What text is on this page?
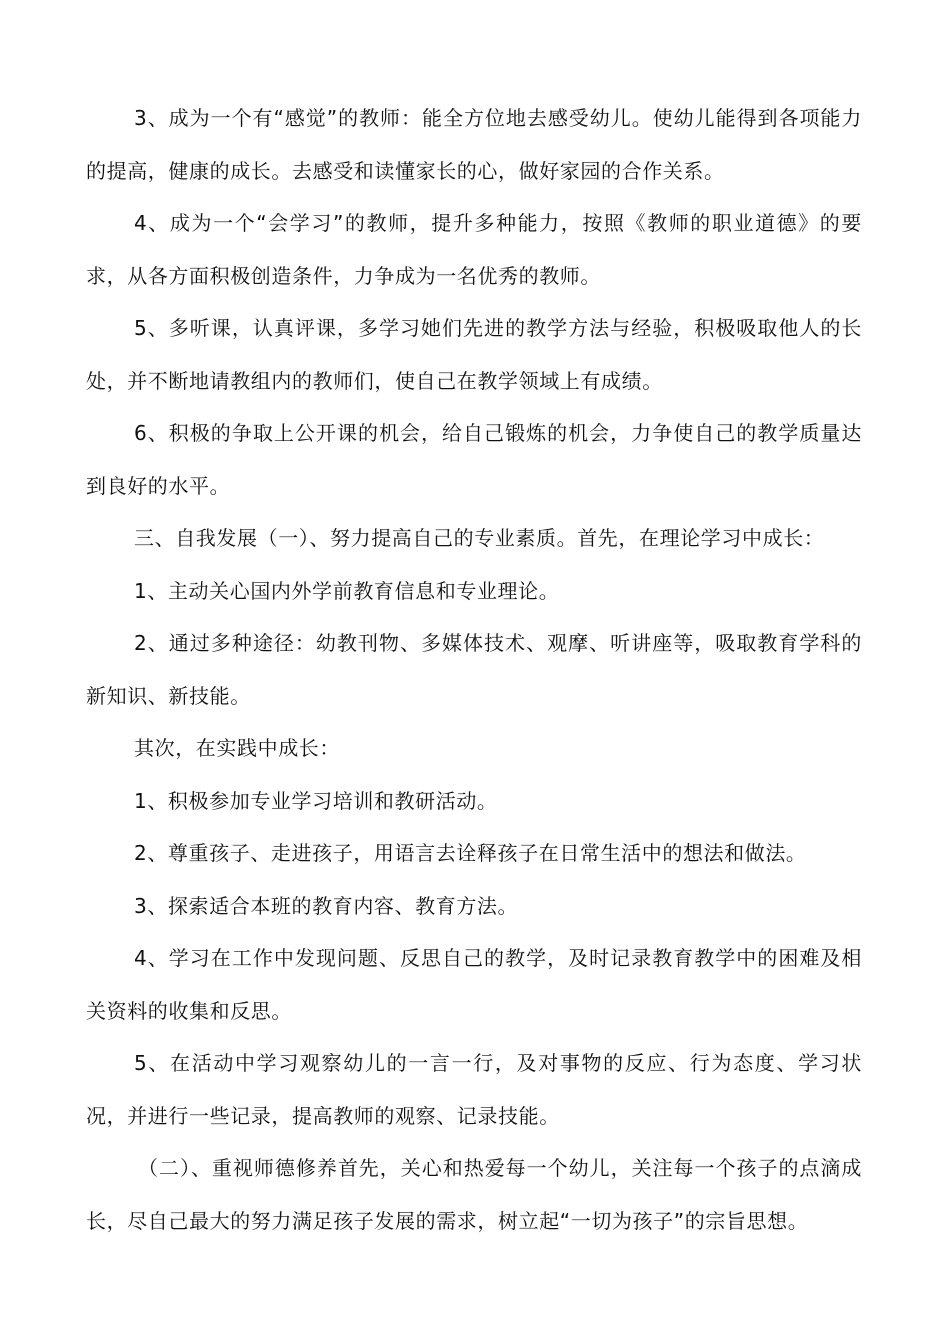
3、成为一个有“感觉”的教师：能全方位地去感受幼儿。使幼儿能得到各项能力的提高，健康的成长。去感受和读懂家长的心，做好家园的合作关系。

4、成为一个“会学习”的教师，提升多种能力，按照《教师的职业道德》的要求，从各方面积极创造条件，力争成为一名优秀的教师。

5、多听课，认真评课，多学习她们先进的教学方法与经验，积极吸取他人的长处，并不断地请教组内的教师们，使自己在教学领域上有成绩。

6、积极的争取上公开课的机会，给自己锻炼的机会，力争使自己的教学质量达到良好的水平。

三、自我发展（一）、努力提高自己的专业素质。首先，在理论学习中成长：

1、主动关心国内外学前教育信息和专业理论。

2、通过多种途径：幼教刊物、多媒体技术、观摩、听讲座等，吸取教育学科的新知识、新技能。

其次，在实践中成长：

1、积极参加专业学习培训和教研活动。

2、尊重孩子、走进孩子，用语言去诠释孩子在日常生活中的想法和做法。

3、探索适合本班的教育内容、教育方法。

4、学习在工作中发现问题、反思自己的教学，及时记录教育教学中的困难及相关资料的收集和反思。

5、在活动中学习观察幼儿的一言一行，及对事物的反应、行为态度、学习状况，并进行一些记录，提高教师的观察、记录技能。

（二）、重视师德修养首先，关心和热爱每一个幼儿，关注每一个孩子的点滴成长，尽自己最大的努力满足孩子发展的需求，树立起“一切为孩子”的宗旨思想。
